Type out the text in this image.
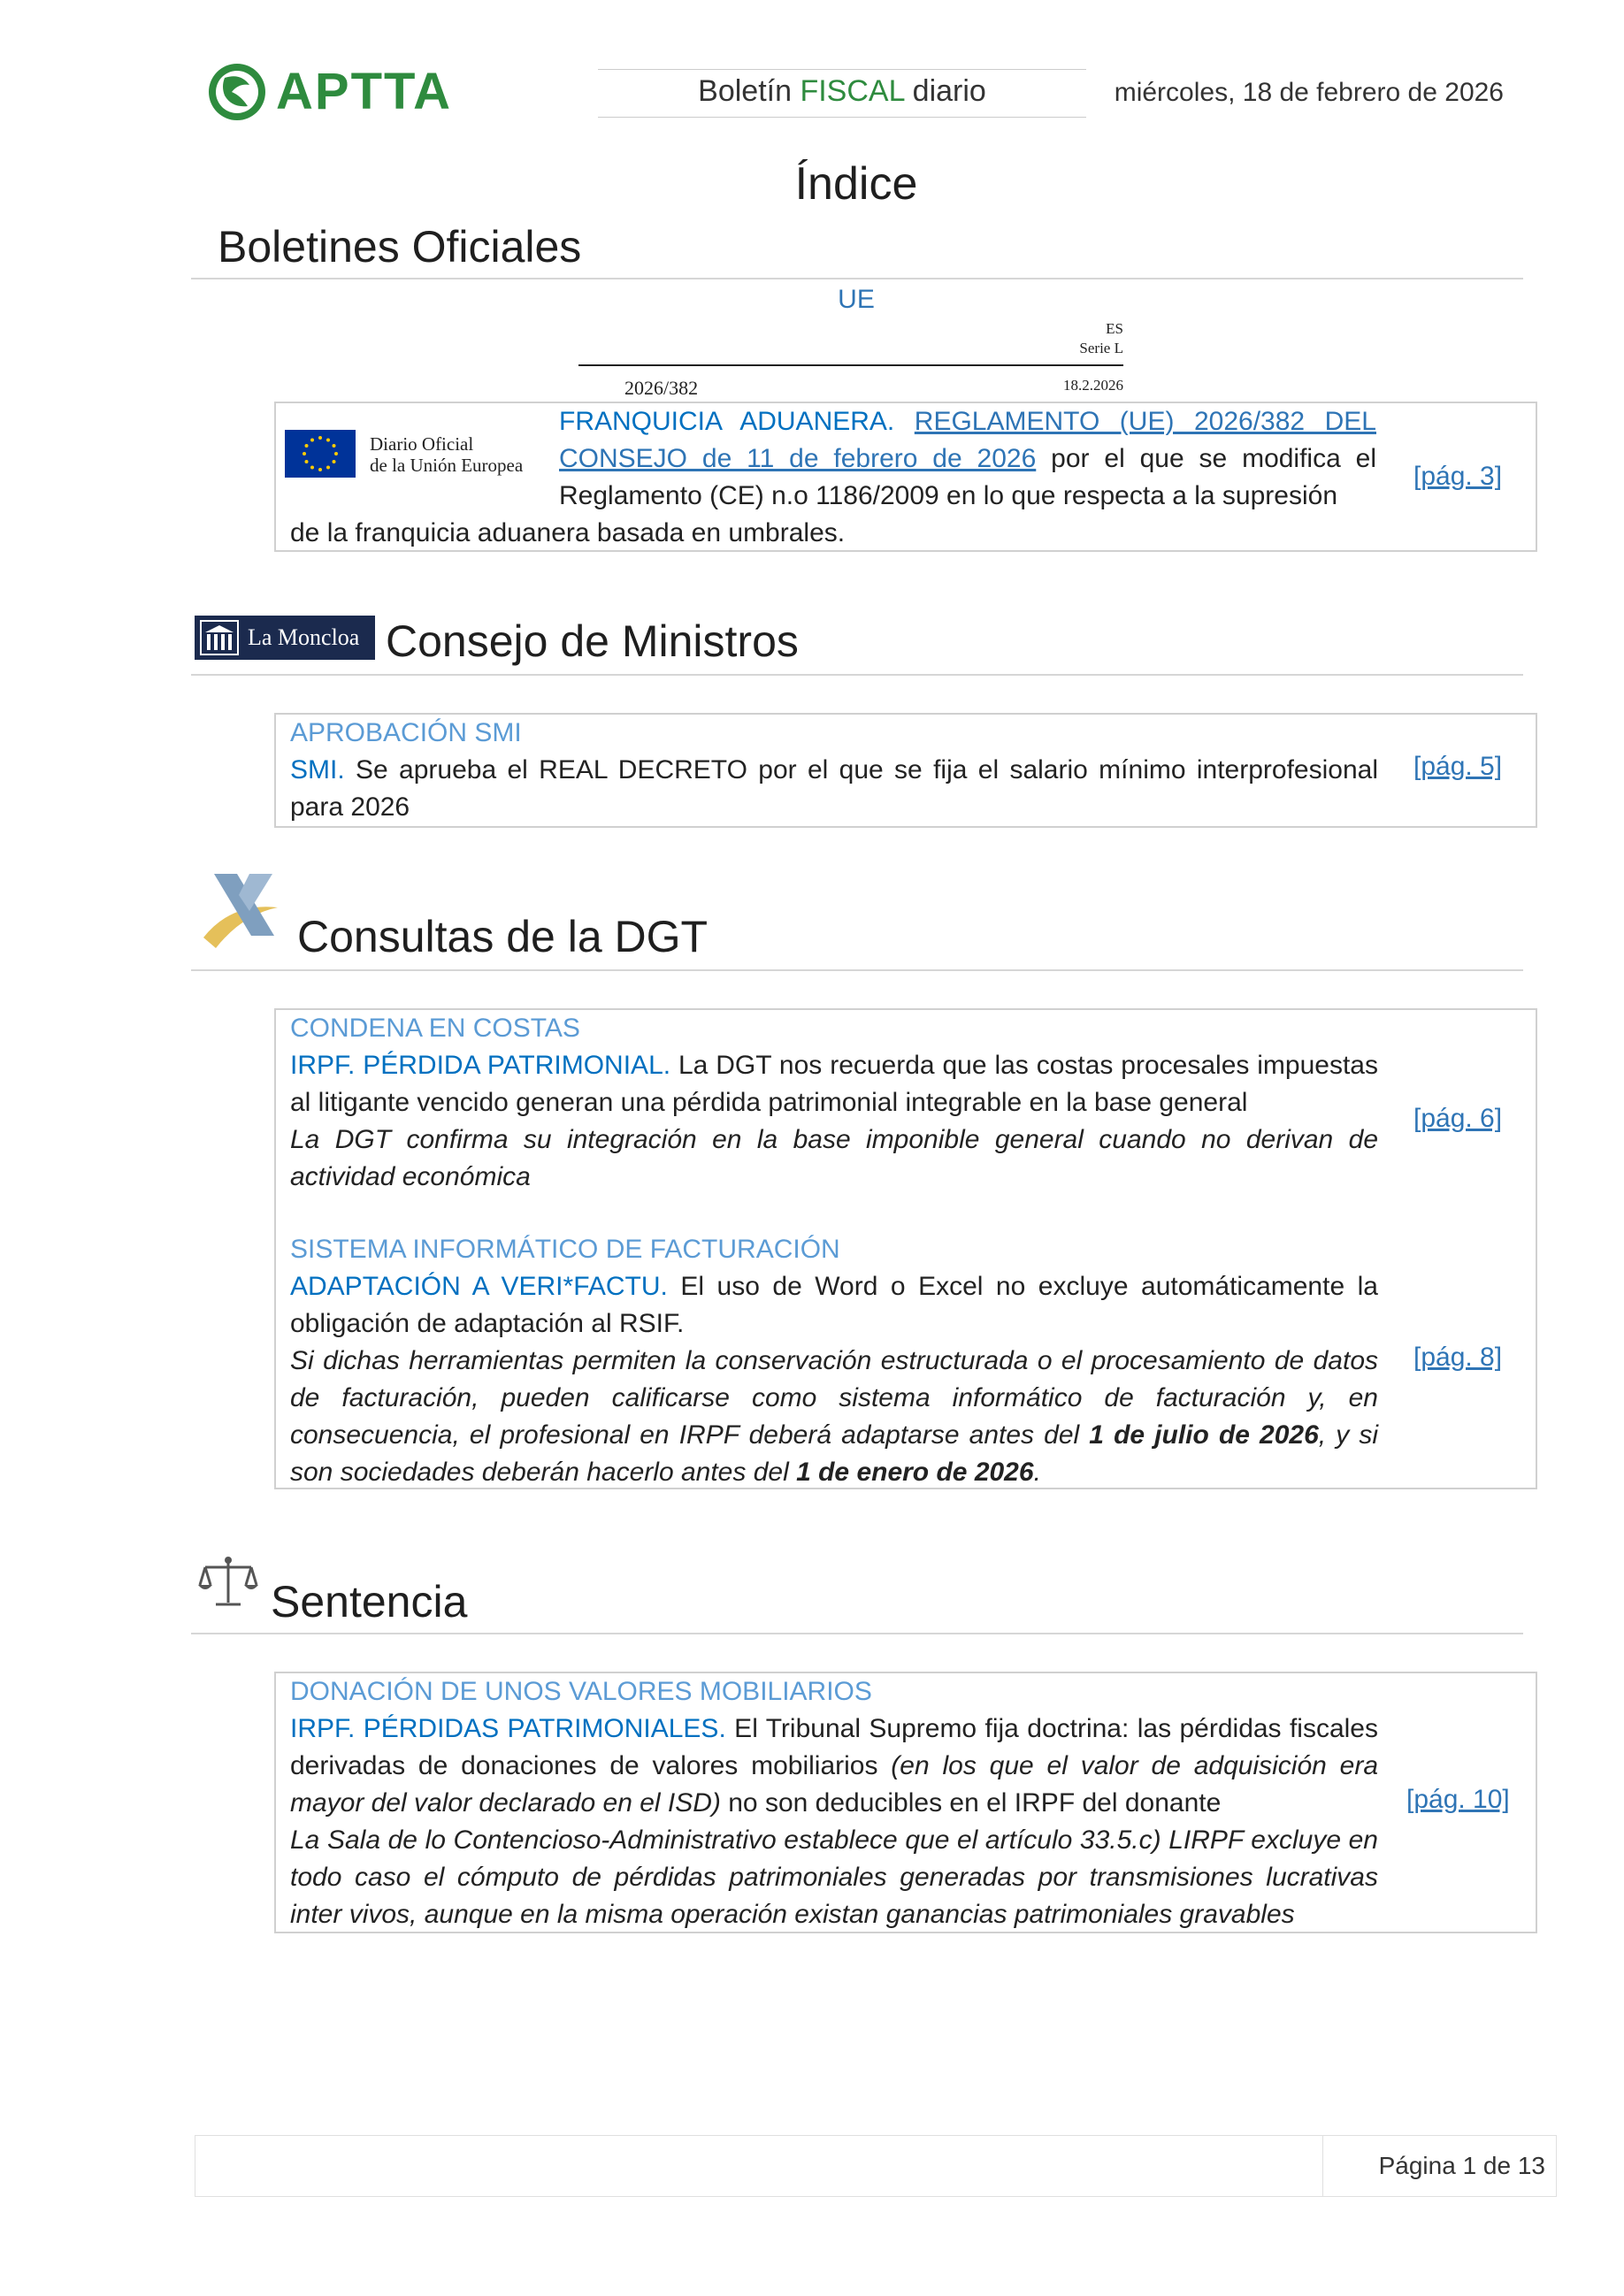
APTTA	Boletín FISCAL diario	miércoles, 18 de febrero de 2026
Índice
Boletines Oficiales
UE
ES
Serie L
2026/382	18.2.2026
Diario Oficial
de la Unión Europea
FRANQUICIA ADUANERA. REGLAMENTO (UE) 2026/382 DEL CONSEJO de 11 de febrero de 2026 por el que se modifica el Reglamento (CE) n.o 1186/2009 en lo que respecta a la supresión
de la franquicia aduanera basada en umbrales.
[pág. 3]
La Moncloa Consejo de Ministros
APROBACIÓN SMI
SMI. Se aprueba el REAL DECRETO por el que se fija el salario mínimo interprofesional para 2026
[pág. 5]
Consultas de la DGT
CONDENA EN COSTAS
IRPF. PÉRDIDA PATRIMONIAL. La DGT nos recuerda que las costas procesales impuestas al litigante vencido generan una pérdida patrimonial integrable en la base general
La DGT confirma su integración en la base imponible general cuando no derivan de actividad económica
[pág. 6]
SISTEMA INFORMÁTICO DE FACTURACIÓN
ADAPTACIÓN A VERI*FACTU. El uso de Word o Excel no excluye automáticamente la obligación de adaptación al RSIF.
Si dichas herramientas permiten la conservación estructurada o el procesamiento de datos de facturación, pueden calificarse como sistema informático de facturación y, en consecuencia, el profesional en IRPF deberá adaptarse antes del 1 de julio de 2026, y si son sociedades deberán hacerlo antes del 1 de enero de 2026.
[pág. 8]
Sentencia
DONACIÓN DE UNOS VALORES MOBILIARIOS
IRPF. PÉRDIDAS PATRIMONIALES. El Tribunal Supremo fija doctrina: las pérdidas fiscales derivadas de donaciones de valores mobiliarios (en los que el valor de adquisición era mayor del valor declarado en el ISD) no son deducibles en el IRPF del donante
La Sala de lo Contencioso-Administrativo establece que el artículo 33.5.c) LIRPF excluye en todo caso el cómputo de pérdidas patrimoniales generadas por transmisiones lucrativas inter vivos, aunque en la misma operación existan ganancias patrimoniales gravables
[pág. 10]
Página 1 de 13
